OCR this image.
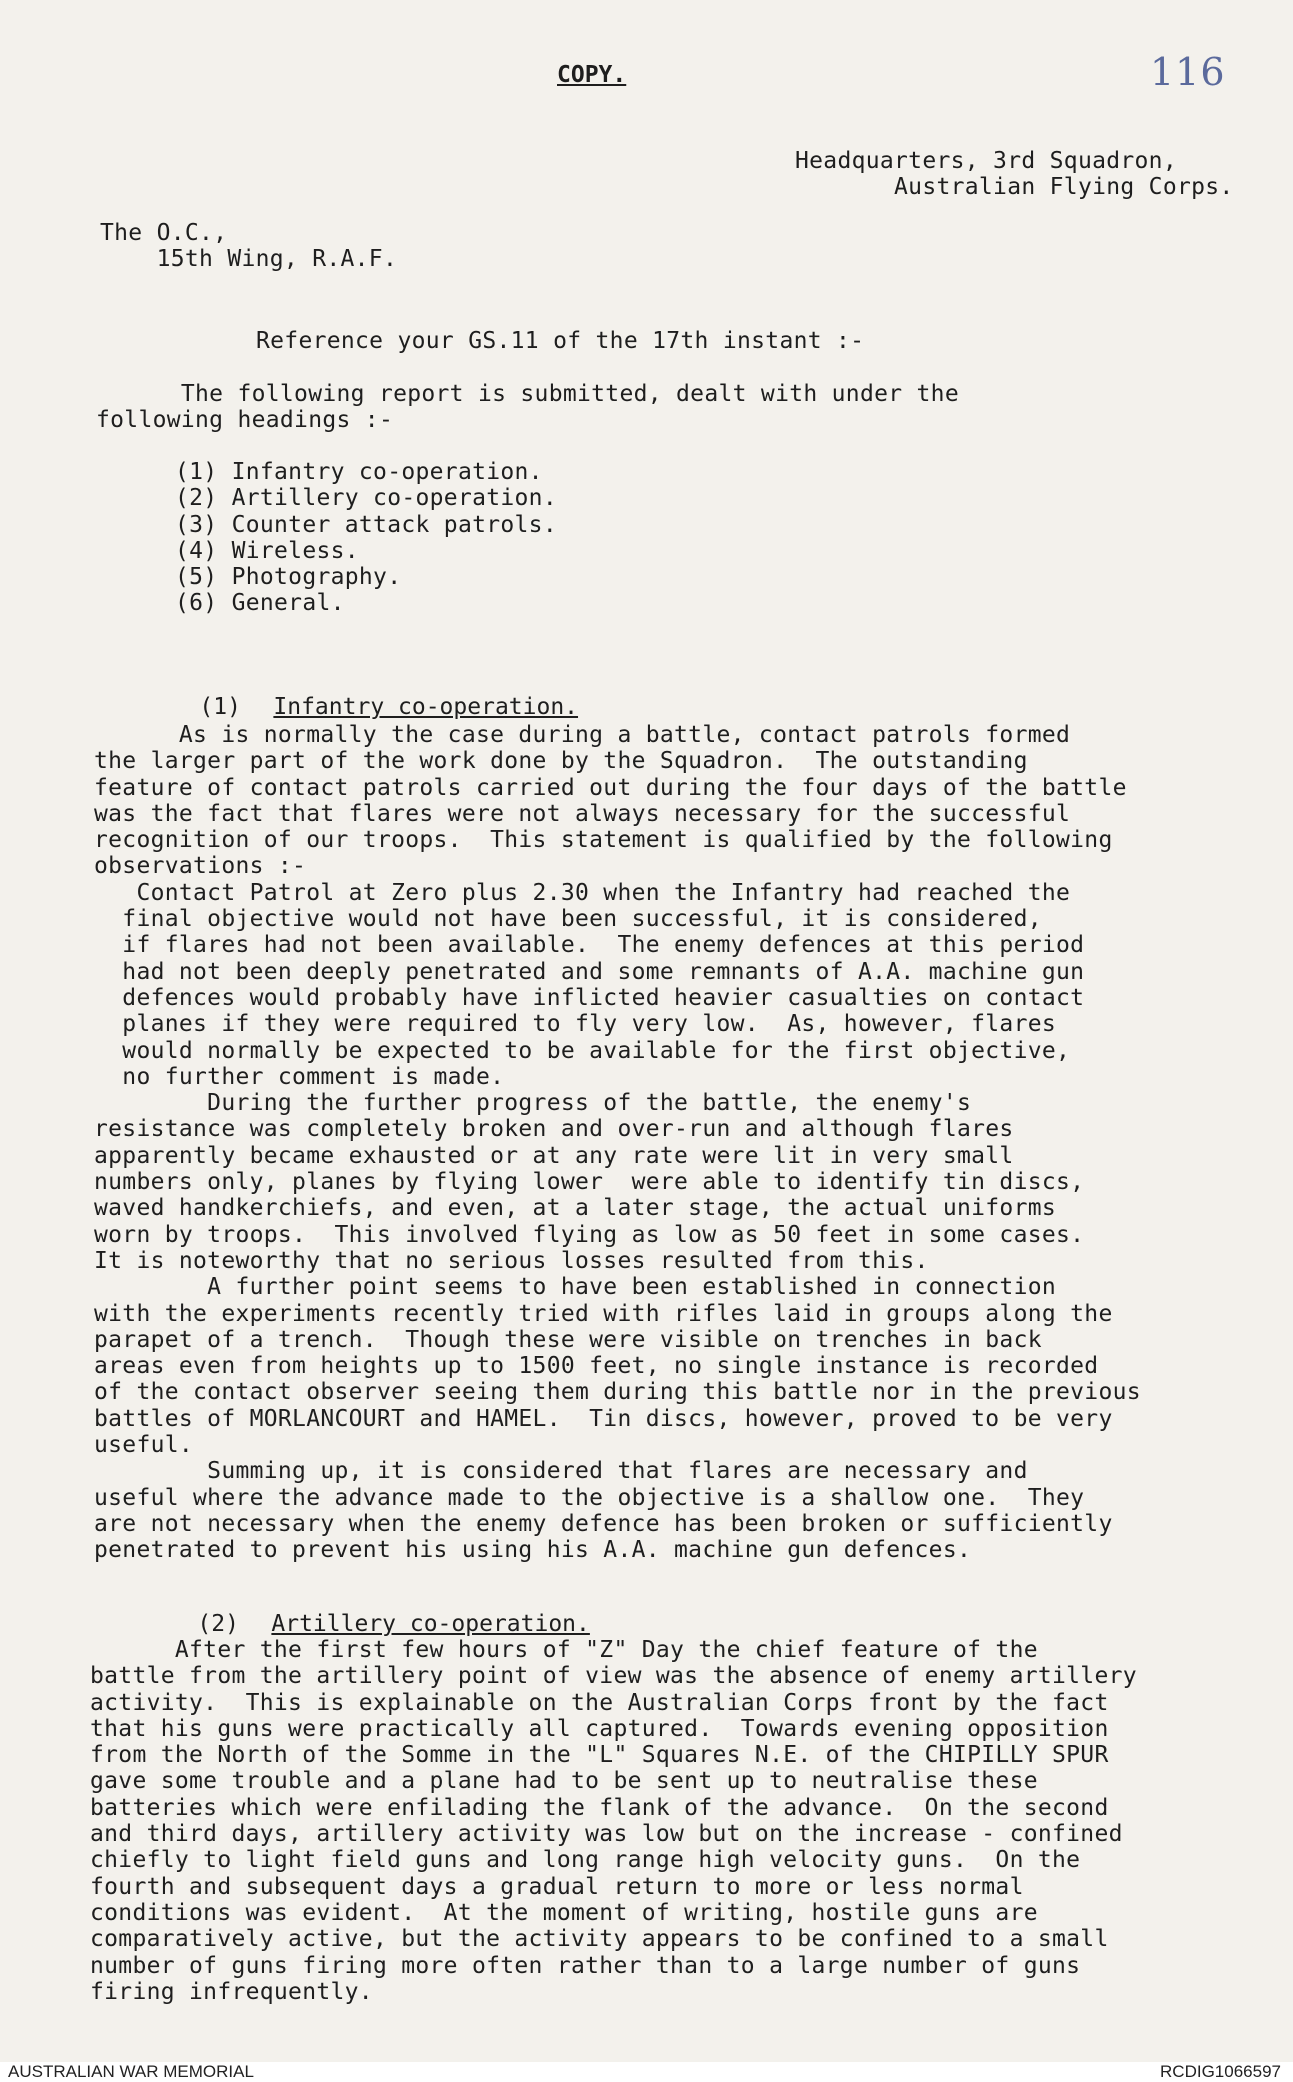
COPY.	116
Headquarters, 3rd Squadron,
Australian Flying Corps.
The O.C.,
15th Wing, R.A.F.
Reference your GS.11 of the 17th instant :-
The following report is submitted, dealt with under the
following headings :-
(1) Infantry co-operation.
(2) Artillery co-operation.
(3) Counter attack patrols.
(4) Wireless.
(5) Photography.
(6) General.

(1) Infantry co-operation.

As is normally the case during a battle, contact patrols formed
the larger part of the work done by the Squadron.  The outstanding
feature of contact patrols carried out during the four days of the battle
was the fact that flares were not always necessary for the successful
recognition of our troops.  This statement is qualified by the following
observations :-
Contact Patrol at Zero plus 2.30 when the Infantry had reached the
final objective would not have been successful, it is considered,
if flares had not been available.  The enemy defences at this period
had not been deeply penetrated and some remnants of A.A. machine gun
defences would probably have inflicted heavier casualties on contact
planes if they were required to fly very low.  As, however, flares
would normally be expected to be available for the first objective,
no further comment is made.
During the further progress of the battle, the enemy's
resistance was completely broken and over-run and although flares
apparently became exhausted or at any rate were lit in very small
numbers only, planes by flying lower  were able to identify tin discs,
waved handkerchiefs, and even, at a later stage, the actual uniforms
worn by troops.  This involved flying as low as 50 feet in some cases.
It is noteworthy that no serious losses resulted from this.
A further point seems to have been established in connection
with the experiments recently tried with rifles laid in groups along the
parapet of a trench.  Though these were visible on trenches in back
areas even from heights up to 1500 feet, no single instance is recorded
of the contact observer seeing them during this battle nor in the previous
battles of MORLANCOURT and HAMEL.  Tin discs, however, proved to be very
useful.
Summing up, it is considered that flares are necessary and
useful where the advance made to the objective is a shallow one.  They
are not necessary when the enemy defence has been broken or sufficiently
penetrated to prevent his using his A.A. machine gun defences.

(2) Artillery co-operation.

After the first few hours of "Z" Day the chief feature of the
battle from the artillery point of view was the absence of enemy artillery
activity.  This is explainable on the Australian Corps front by the fact
that his guns were practically all captured.  Towards evening opposition
from the North of the Somme in the "L" Squares N.E. of the CHIPILLY SPUR
gave some trouble and a plane had to be sent up to neutralise these
batteries which were enfilading the flank of the advance.  On the second
and third days, artillery activity was low but on the increase - confined
chiefly to light field guns and long range high velocity guns.  On the
fourth and subsequent days a gradual return to more or less normal
conditions was evident.  At the moment of writing, hostile guns are
comparatively active, but the activity appears to be confined to a small
number of guns firing more often rather than to a large number of guns
firing infrequently.
AUSTRALIAN WAR MEMORIAL	RCDIG1066597
